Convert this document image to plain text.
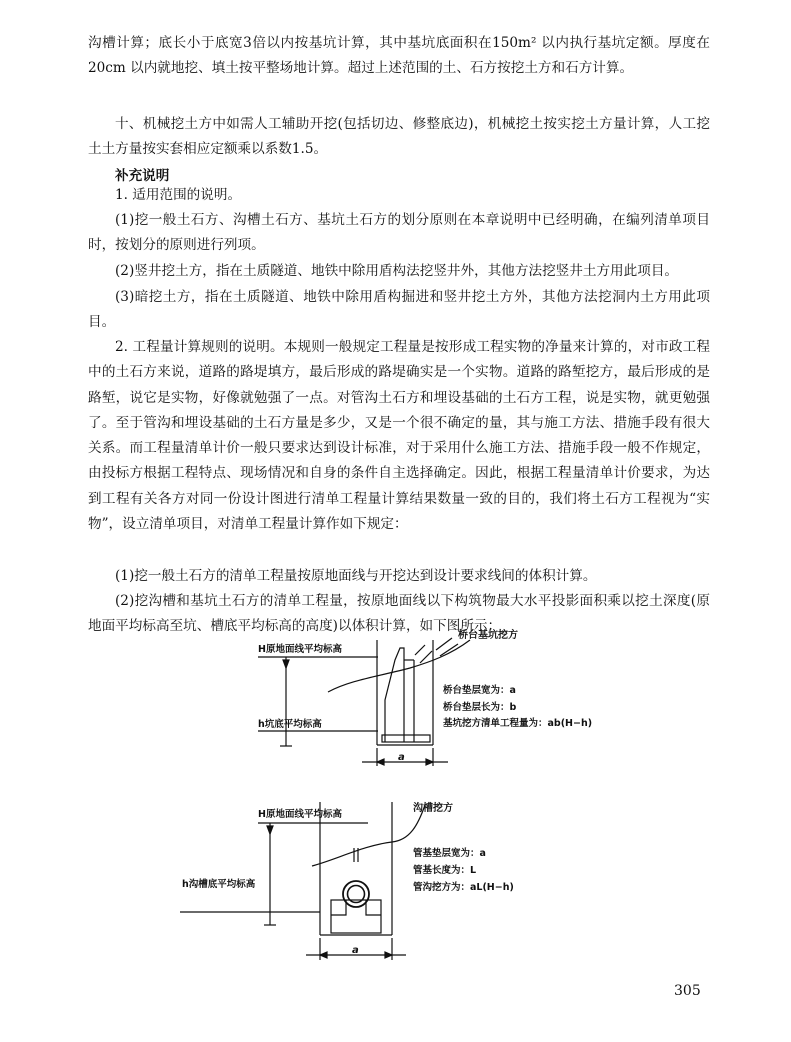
沟槽计算；底长小于底宽3倍以内按基坑计算，其中基坑底面积在150m² 以内执行基坑定额。厚度在20cm 以内就地挖、填土按平整场地计算。超过上述范围的土、石方按挖土方和石方计算。

十、机械挖土方中如需人工辅助开挖(包括切边、修整底边)，机械挖土按实挖土方量计算，人工挖土土方量按实套相应定额乘以系数1.5。

补充说明

1. 适用范围的说明。

(1)挖一般土石方、沟槽土石方、基坑土石方的划分原则在本章说明中已经明确，在编列清单项目时，按划分的原则进行列项。

(2)竖井挖土方，指在土质隧道、地铁中除用盾构法挖竖井外，其他方法挖竖井土方用此项目。

(3)暗挖土方，指在土质隧道、地铁中除用盾构掘进和竖井挖土方外，其他方法挖洞内土方用此项目。

2. 工程量计算规则的说明。本规则一般规定工程量是按形成工程实物的净量来计算的，对市政工程中的土石方来说，道路的路堤填方，最后形成的路堤确实是一个实物。道路的路堑挖方，最后形成的是路堑，说它是实物，好像就勉强了一点。对管沟土石方和埋设基础的土石方工程，说是实物，就更勉强了。至于管沟和埋设基础的土石方量是多少，又是一个很不确定的量，其与施工方法、措施手段有很大关系。而工程量清单计价一般只要求达到设计标准，对于采用什么施工方法、措施手段一般不作规定，由投标方根据工程特点、现场情况和自身的条件自主选择确定。因此，根据工程量清单计价要求，为达到工程有关各方对同一份设计图进行清单工程量计算结果数量一致的目的，我们将土石方工程视为“实物”，设立清单项目，对清单工程量计算作如下规定：

(1)挖一般土石方的清单工程量按原地面线与开挖达到设计要求线间的体积计算。

(2)挖沟槽和基坑土石方的清单工程量，按原地面线以下构筑物最大水平投影面积乘以挖土深度(原地面平均标高至坑、槽底平均标高的高度)以体积计算，如下图所示：

H原地面线平均标高
h坑底平均标高
桥台基坑挖方
桥台垫层宽为：a
桥台垫层长为：b
基坑挖方清单工程量为：ab(H−h)
a
H原地面线平均标高
h沟槽底平均标高
沟槽挖方
管基垫层宽为：a
管基长度为：L
管沟挖方为：aL(H−h)
a
305
